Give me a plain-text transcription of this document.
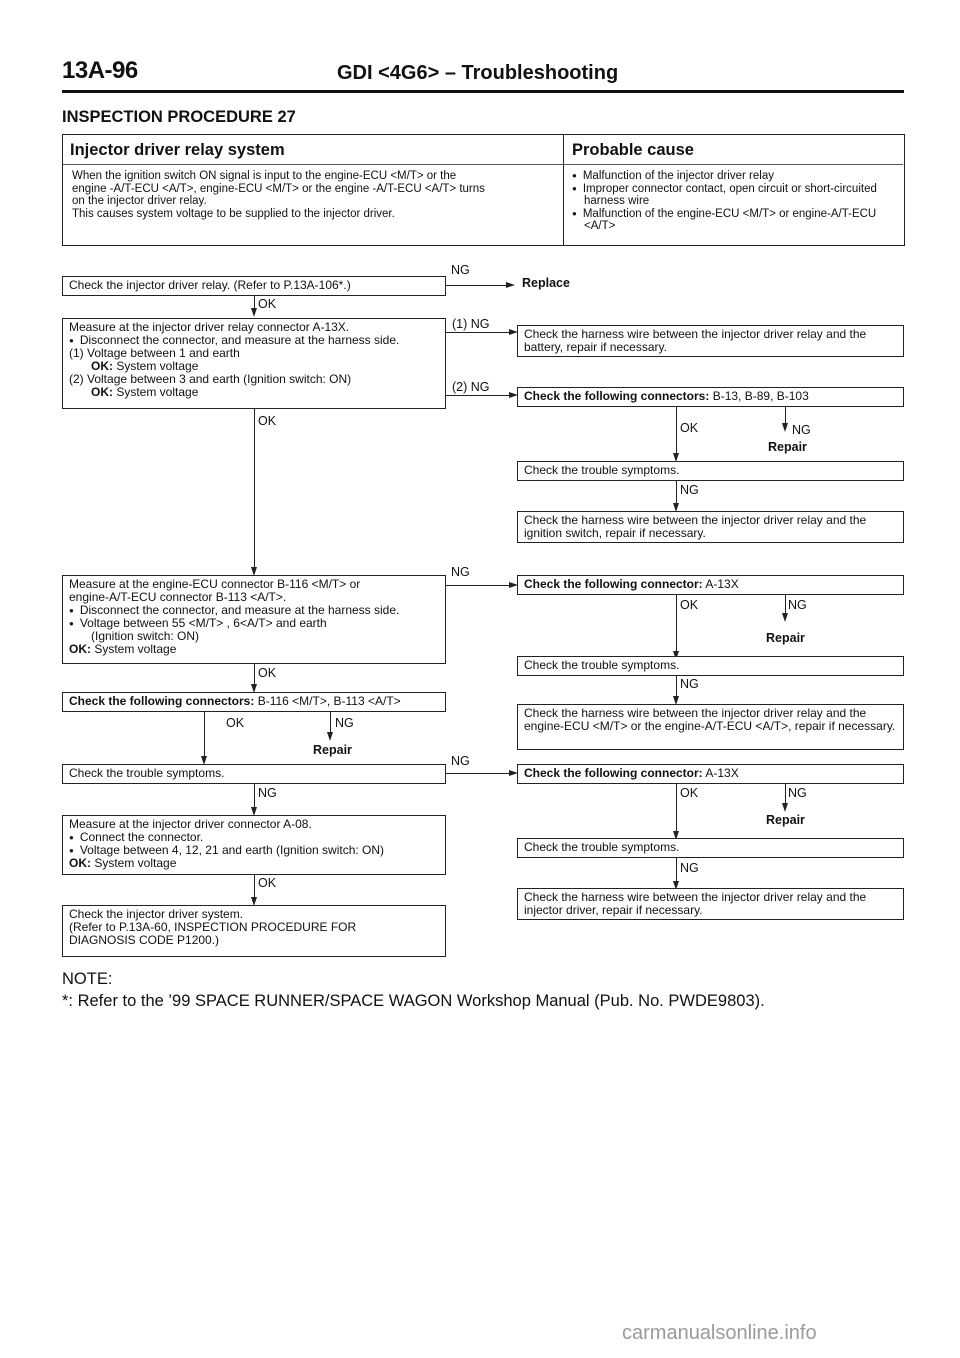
13A-96	GDI <4G6> – Troubleshooting
INSPECTION PROCEDURE 27
Injector driver relay system	Probable cause
When the ignition switch ON signal is input to the engine-ECU <M/T> or the
engine -A/T-ECU <A/T>, engine-ECU <M/T> or the engine -A/T-ECU <A/T> turns
on the injector driver relay.
This causes system voltage to be supplied to the injector driver.
● Malfunction of the injector driver relay
● Improper connector contact, open circuit or short-circuited harness wire
● Malfunction of the engine-ECU <M/T> or engine-A/T-ECU <A/T>
Check the injector driver relay. (Refer to P.13A-106*.)
NG
Replace
OK
Measure at the injector driver relay connector A-13X.
● Disconnect the connector, and measure at the harness side.
(1) Voltage between 1 and earth
OK: System voltage
(2) Voltage between 3 and earth (Ignition switch: ON)
OK: System voltage
(1) NG
(2) NG
Check the harness wire between the injector driver relay and the battery, repair if necessary.
Check the following connectors: B-13, B-89, B-103
OK	NG
Repair
Check the trouble symptoms.
NG
Check the harness wire between the injector driver relay and the ignition switch, repair if necessary.
OK
Measure at the engine-ECU connector B-116 <M/T> or
engine-A/T-ECU connector B-113 <A/T>.
● Disconnect the connector, and measure at the harness side.
● Voltage between 55 <M/T> , 6<A/T> and earth
(Ignition switch: ON)
OK: System voltage
NG
Check the following connector: A-13X
OK	NG
Repair
Check the trouble symptoms.
NG
Check the harness wire between the injector driver relay and the engine-ECU <M/T> or the engine-A/T-ECU <A/T>, repair if necessary.
OK
Check the following connectors: B-116 <M/T>, B-113 <A/T>
OK	NG
Repair
Check the trouble symptoms.
NG
Check the following connector: A-13X
OK	NG
Repair
Check the trouble symptoms.
NG
Check the harness wire between the injector driver relay and the injector driver, repair if necessary.
NG
Measure at the injector driver connector A-08.
● Connect the connector.
● Voltage between 4, 12, 21 and earth (Ignition switch: ON)
OK: System voltage
OK
Check the injector driver system.
(Refer to P.13A-60, INSPECTION PROCEDURE FOR
DIAGNOSIS CODE P1200.)
NOTE:
*: Refer to the ’99 SPACE RUNNER/SPACE WAGON Workshop Manual (Pub. No. PWDE9803).
carmanualsonline.info
